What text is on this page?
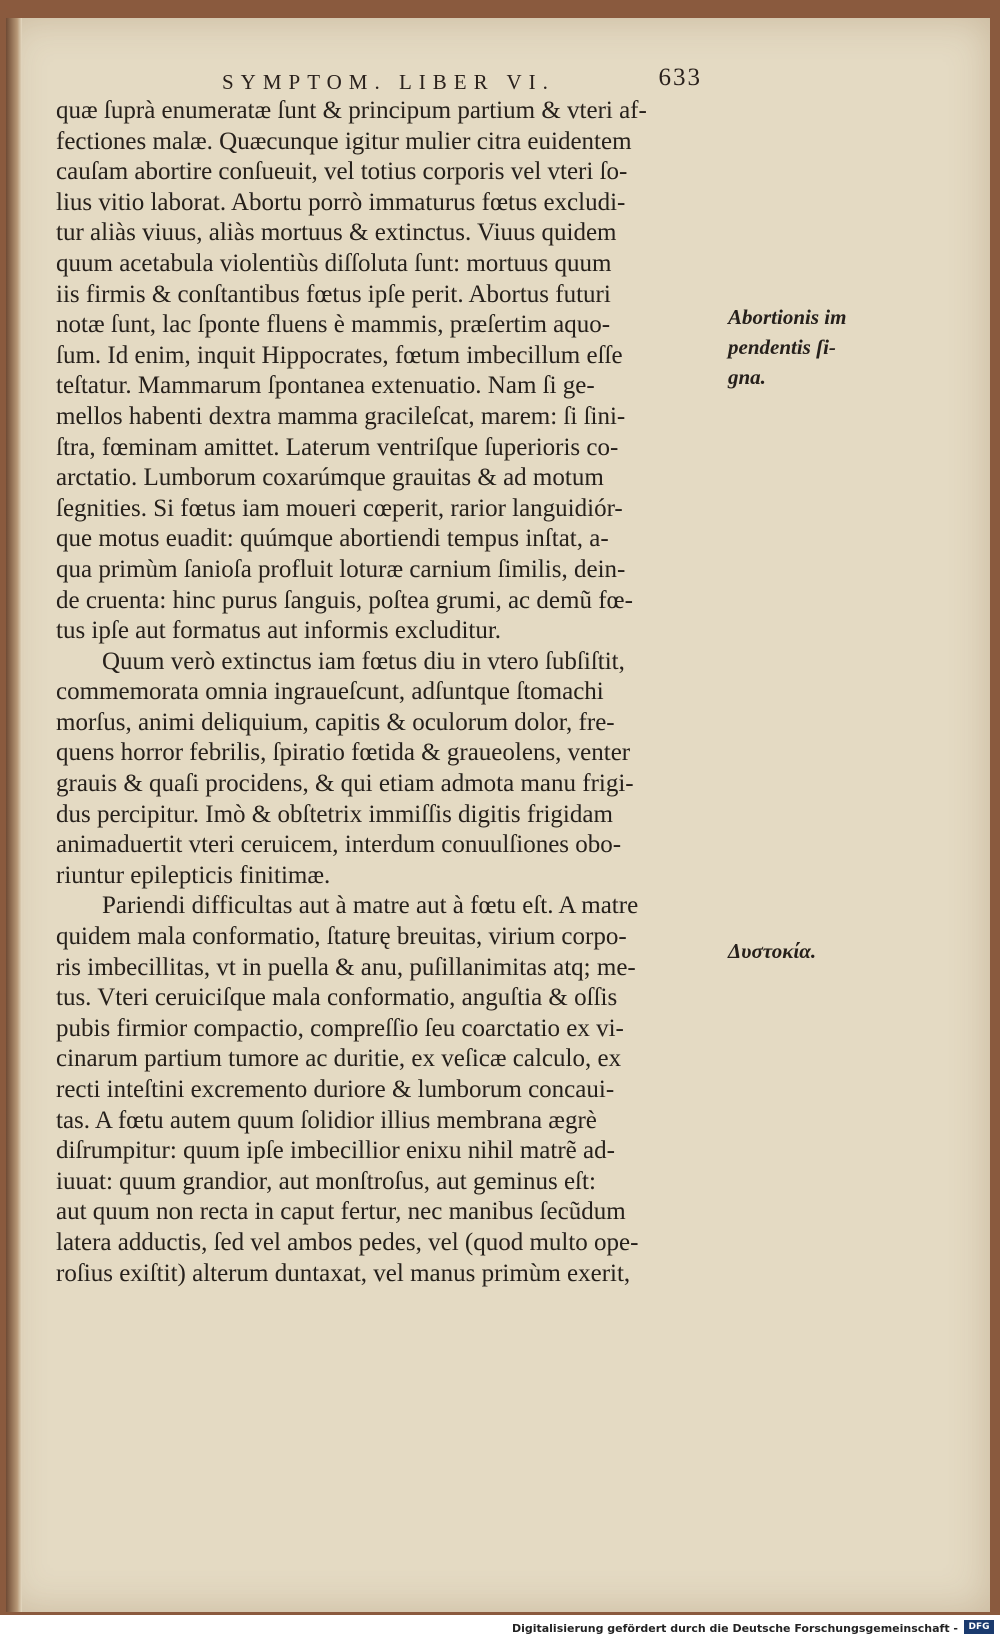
SYMPTOM. LIBER VI.	633
quæ ſuprà enumeratæ ſunt & principum partium & vteri af-
fectiones malæ. Quæcunque igitur mulier citra euidentem
cauſam abortire conſueuit, vel totius corporis vel vteri ſo-
lius vitio laborat. Abortu porrò immaturus fœtus excludi-
tur aliàs viuus, aliàs mortuus & extinctus. Viuus quidem
quum acetabula violentiùs diſſoluta ſunt: mortuus quum
iis firmis & conſtantibus fœtus ipſe perit. Abortus futuri
notæ ſunt, lac ſponte fluens è mammis, præſertim aquo-
ſum. Id enim, inquit Hippocrates, fœtum imbecillum eſſe
teſtatur. Mammarum ſpontanea extenuatio. Nam ſi ge-
mellos habenti dextra mamma gracileſcat, marem: ſi ſini-
ſtra, fœminam amittet. Laterum ventriſque ſuperioris co-
arctatio. Lumborum coxarúmque grauitas & ad motum
ſegnities. Si fœtus iam moueri cœperit, rarior languidiór-
que motus euadit: quúmque abortiendi tempus inſtat, a-
qua primùm ſanioſa profluit loturæ carnium ſimilis, dein-
de cruenta: hinc purus ſanguis, poſtea grumi, ac demũ fœ-
tus ipſe aut formatus aut informis excluditur.
Quum verò extinctus iam fœtus diu in vtero ſubſiſtit,
commemorata omnia ingraueſcunt, adſuntque ſtomachi
morſus, animi deliquium, capitis & oculorum dolor, fre-
quens horror febrilis, ſpiratio fœtida & graueolens, venter
grauis & quaſi procidens, & qui etiam admota manu frigi-
dus percipitur. Imò & obſtetrix immiſſis digitis frigidam
animaduertit vteri ceruicem, interdum conuulſiones obo-
riuntur epilepticis finitimæ.
Pariendi difficultas aut à matre aut à fœtu eſt. A matre
quidem mala conformatio, ſtaturę breuitas, virium corpo-
ris imbecillitas, vt in puella & anu, puſillanimitas atq; me-
tus. Vteri ceruiciſque mala conformatio, anguſtia & oſſis
pubis firmior compactio, compreſſio ſeu coarctatio ex vi-
cinarum partium tumore ac duritie, ex veſicæ calculo, ex
recti inteſtini excremento duriore & lumborum concaui-
tas. A fœtu autem quum ſolidior illius membrana ægrè
diſrumpitur: quum ipſe imbecillior enixu nihil matrẽ ad-
iuuat: quum grandior, aut monſtroſus, aut geminus eſt:
aut quum non recta in caput fertur, nec manibus ſecũdum
latera adductis, ſed vel ambos pedes, vel (quod multo ope-
roſius exiſtit) alterum duntaxat, vel manus primùm exerit,
Abortionis im
pendentis ſi-
gna.
Δυστοκία.
Digitalisierung gefördert durch die Deutsche Forschungsgemeinschaft -	DFG
